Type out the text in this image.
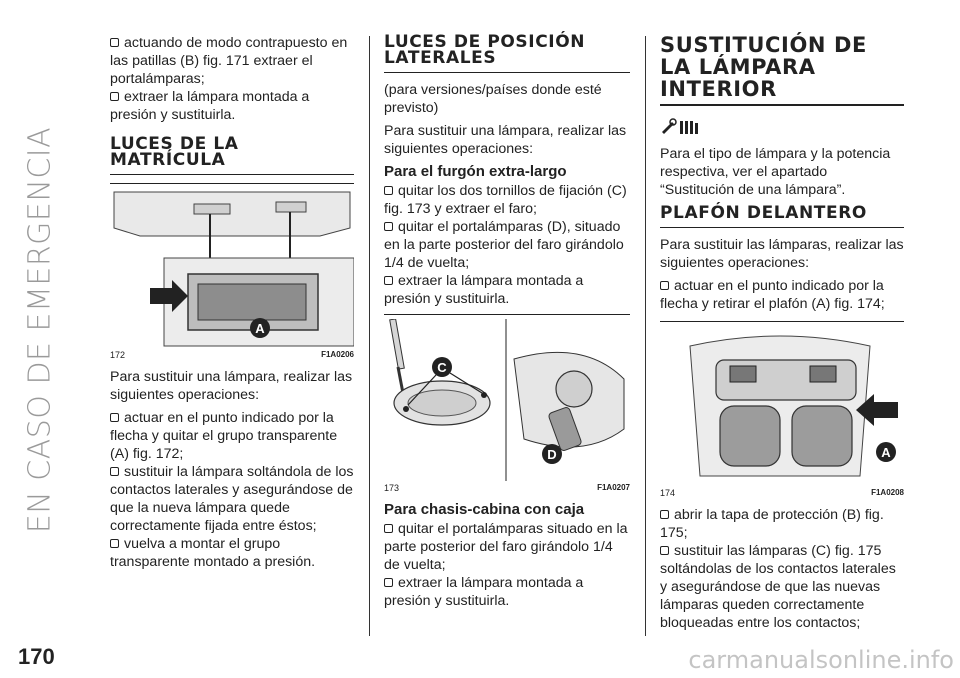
EN CASO DE EMERGENCIA
170
actuando de modo contrapuesto en las patillas (B) fig. 171 extraer el portalámparas;
extraer la lámpara montada a presión y sustituirla.
LUCES DE LA MATRÍCULA
A
172	F1A0206

Para sustituir una lámpara, realizar las siguientes operaciones:

actuar en el punto indicado por la flecha y quitar el grupo transparente (A) fig. 172;
sustituir la lámpara soltándola de los contactos laterales y asegurándose de que la nueva lámpara quede correctamente fijada entre éstos;
vuelva a montar el grupo transparente montado a presión.
LUCES DE POSICIÓN LATERALES

(para versiones/países donde esté previsto)

Para sustituir una lámpara, realizar las siguientes operaciones:

Para el furgón extra-largo
quitar los dos tornillos de fijación (C) fig. 173 y extraer el faro;
quitar el portalámparas (D), situado en la parte posterior del faro girándolo 1/4 de vuelta;
extraer la lámpara montada a presión y sustituirla.
C
D
173	F1A0207
Para chasis-cabina con caja
quitar el portalámparas situado en la parte posterior del faro girándolo 1/4 de vuelta;
extraer la lámpara montada a presión y sustituirla.
SUSTITUCIÓN DE LA LÁMPARA INTERIOR

Para el tipo de lámpara y la potencia respectiva, ver el apartado “Sustitución de una lámpara”.

PLAFÓN DELANTERO

Para sustituir las lámparas, realizar las siguientes operaciones:

actuar en el punto indicado por la flecha y retirar el plafón (A) fig. 174;
A
174	F1A0208
abrir la tapa de protección (B) fig. 175;
sustituir las lámparas (C) fig. 175 soltándolas de los contactos laterales y asegurándose de que las nuevas lámparas queden correctamente bloqueadas entre los contactos;
carmanualsonline.info
